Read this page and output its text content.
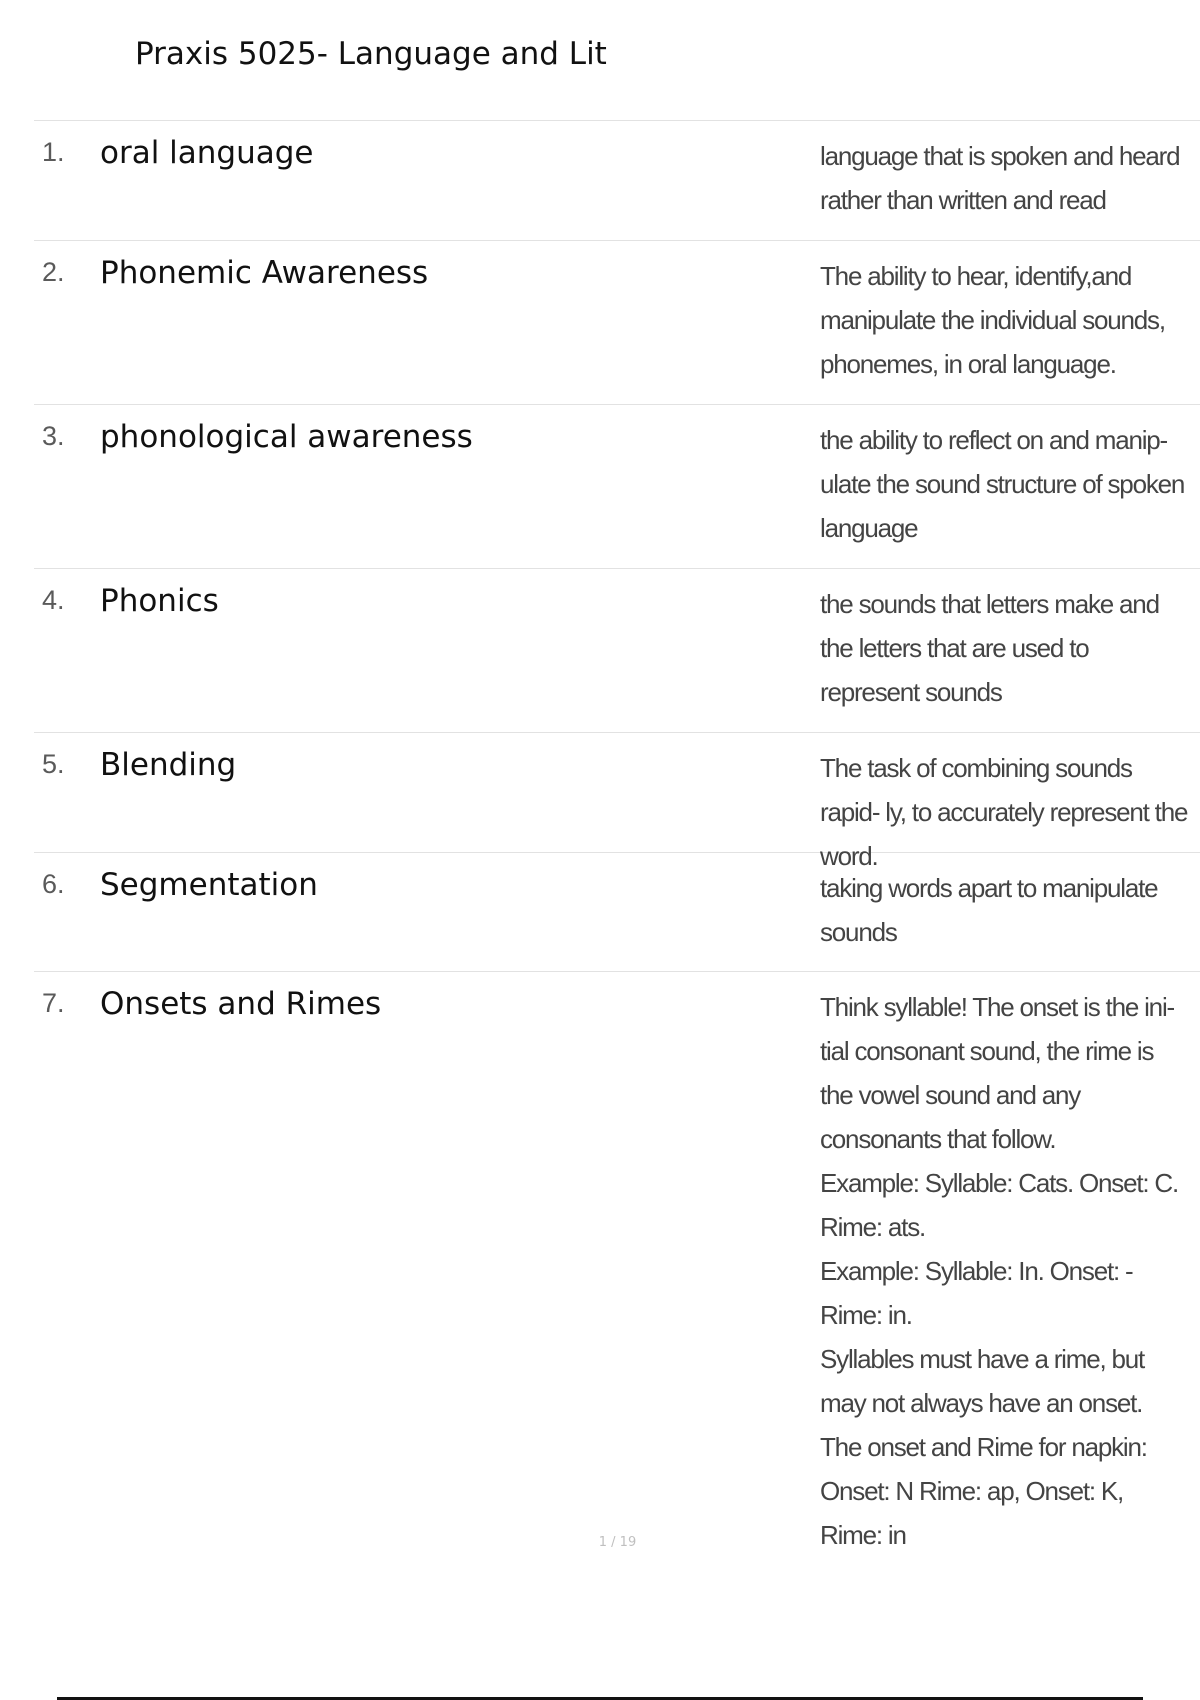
Praxis 5025- Language and Lit
1.	oral language	language that is spoken and heard rather than written and read

2.	Phonemic Awareness	The ability to hear, identify,and manipulate the individual sounds, phonemes, in oral language.

3.	phonological awareness	the ability to reflect on and manip- ulate the sound structure of spoken language

4.	Phonics	the sounds that letters make and the letters that are used to represent sounds

5.	Blending	The task of combining sounds rapid- ly, to accurately represent the word.

6.	Segmentation	taking words apart to manipulate sounds

7.	Onsets and Rimes	Think syllable! The onset is the ini- tial consonant sound, the rime is the vowel sound and any consonants that follow.

Example: Syllable: Cats. Onset: C. Rime: ats.

Example: Syllable: In. Onset: - Rime: in.

Syllables must have a rime, but may not always have an onset.

The onset and Rime for napkin:

Onset: N Rime: ap, Onset: K, Rime: in

1 / 19
